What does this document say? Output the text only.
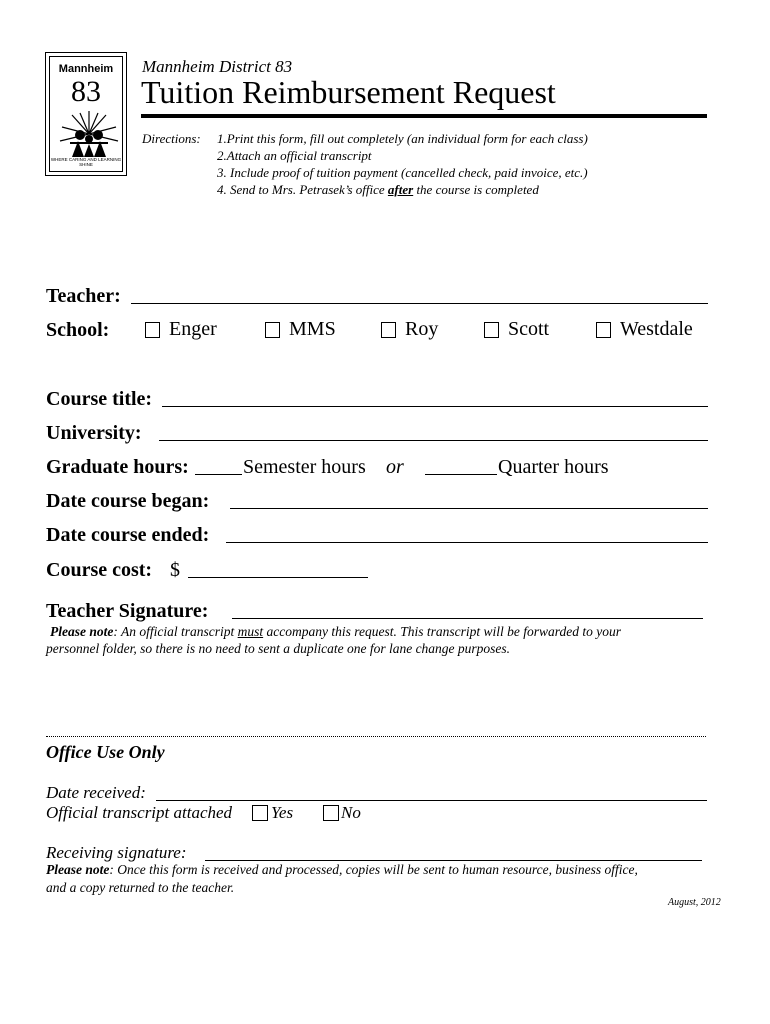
Mannheim
83
WHERE CARING AND LEARNING SHINE
Mannheim District 83
Tuition Reimbursement Request
Directions: 1.Print this form, fill out completely (an individual form for each class)
2.Attach an official transcript
3. Include proof of tuition payment (cancelled check, paid invoice, etc.)
4. Send to Mrs. Petrasek’s office after the course is completed
Teacher:
School:	Enger	MMS	Roy	Scott	Westdale
Course title:
University:
Graduate hours:	Semester hours or	Quarter hours
Date course began:
Date course ended:
Course cost: $
Teacher Signature:
Please note: An official transcript must accompany this request. This transcript will be forwarded to your
personnel folder, so there is no need to sent a duplicate one for lane change purposes.
Office Use Only
Date received:
Official transcript attached Yes	No
Receiving signature:
Please note: Once this form is received and processed, copies will be sent to human resource, business office,
and a copy returned to the teacher.
August, 2012
